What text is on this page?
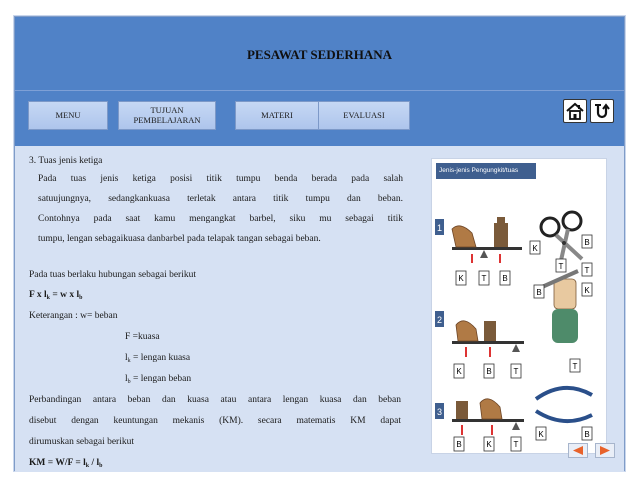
PESAWAT SEDERHANA
MENU	TUJUAN
PEMBELAJARAN	MATERI	EVALUASI
3. Tuas jenis ketiga
Pada tuas jenis ketiga posisi titik tumpu benda berada pada salah
satuujungnya, sedangkankuasa terletak antara titik tumpu dan beban.
Contohnya pada saat kamu mengangkat barbel, siku mu sebagai titik
tumpu, lengan sebagaikuasa danbarbel pada telapak tangan sebagai beban.
Pada tuas berlaku hubungan sebagai berikut
F x $l_k = w$ x $l_b$
Keterangan : w= beban
F =kuasa
$l_k$ = lengan kuasa
$l_b$ = lengan beban
Perbandingan antara beban dan kuasa atau antara lengan kuasa dan beban
disebut dengan keuntungan mekanis (KM). secara matematis KM dapat
dirumuskan sebagai berikut
KM = $W/F = l_k / l_b$
Jenis-jenis Pengungkit/tuas
1
2
3
K T B
K
B
T
K	B	T
B
T
K
B	K	T
T
K	B
